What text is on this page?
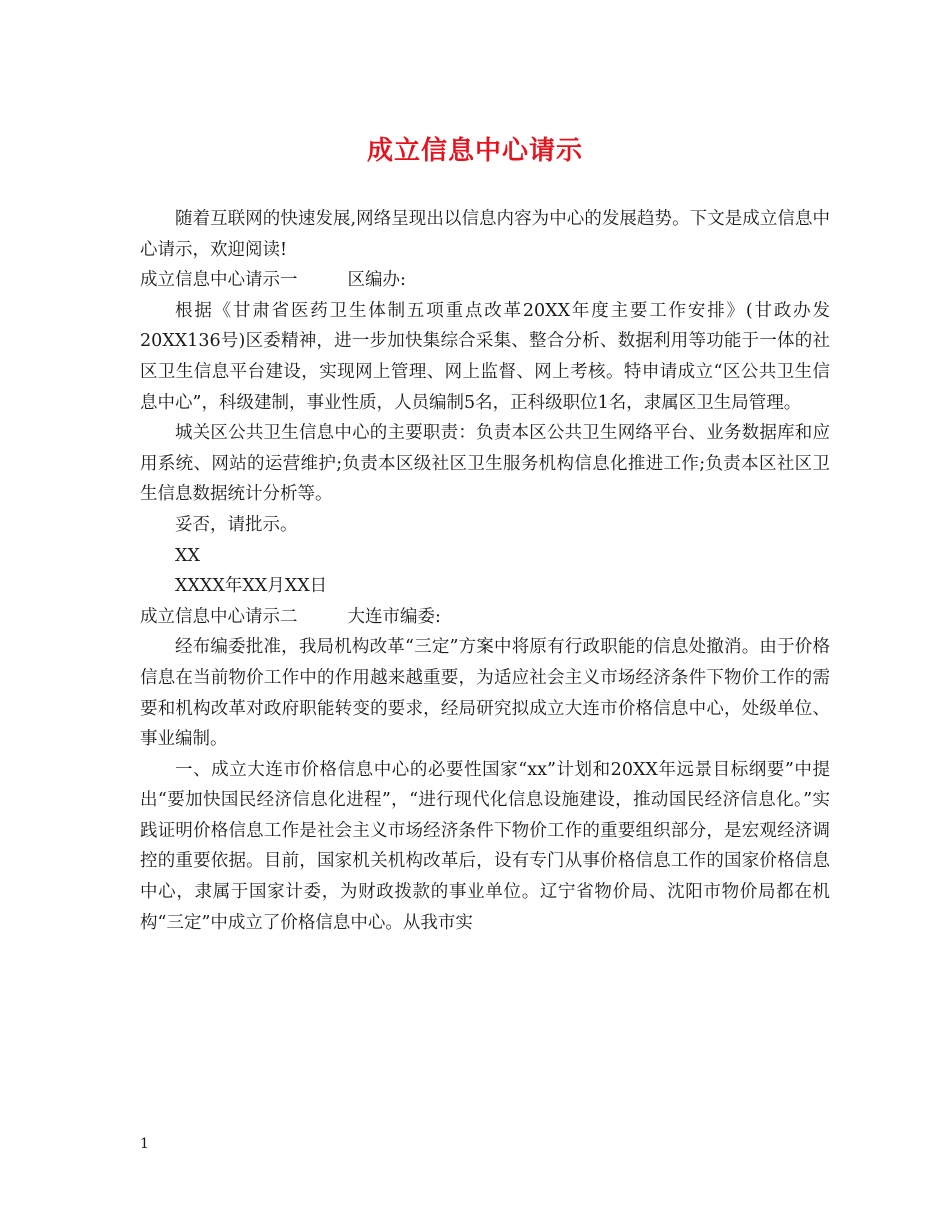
成立信息中心请示

随着互联网的快速发展,网络呈现出以信息内容为中心的发展趋势。下文是成立信息中心请示，欢迎阅读!

成立信息中心请示一	区编办:

根据《甘肃省医药卫生体制五项重点改革20XX年度主要工作安排》(甘政办发20XX136号)区委精神，进一步加快集综合采集、整合分析、数据利用等功能于一体的社区卫生信息平台建设，实现网上管理、网上监督、网上考核。特申请成立“区公共卫生信息中心”，科级建制，事业性质，人员编制5名，正科级职位1名，隶属区卫生局管理。

城关区公共卫生信息中心的主要职责：负责本区公共卫生网络平台、业务数据库和应用系统、网站的运营维护;负责本区级社区卫生服务机构信息化推进工作;负责本区社区卫生信息数据统计分析等。

妥否，请批示。

XX

XXXX年XX月XX日

成立信息中心请示二	大连市编委:

经布编委批准，我局机构改革“三定”方案中将原有行政职能的信息处撤消。由于价格信息在当前物价工作中的作用越来越重要，为适应社会主义市场经济条件下物价工作的需要和机构改革对政府职能转变的要求，经局研究拟成立大连市价格信息中心，处级单位、事业编制。

一、成立大连市价格信息中心的必要性国家“xx”计划和20XX年远景目标纲要”中提出“要加快国民经济信息化进程”，“进行现代化信息设施建设，推动国民经济信息化。”实践证明价格信息工作是社会主义市场经济条件下物价工作的重要组织部分，是宏观经济调控的重要依据。目前，国家机关机构改革后，设有专门从事价格信息工作的国家价格信息中心，隶属于国家计委，为财政拨款的事业单位。辽宁省物价局、沈阳市物价局都在机构“三定”中成立了价格信息中心。从我市实

1
